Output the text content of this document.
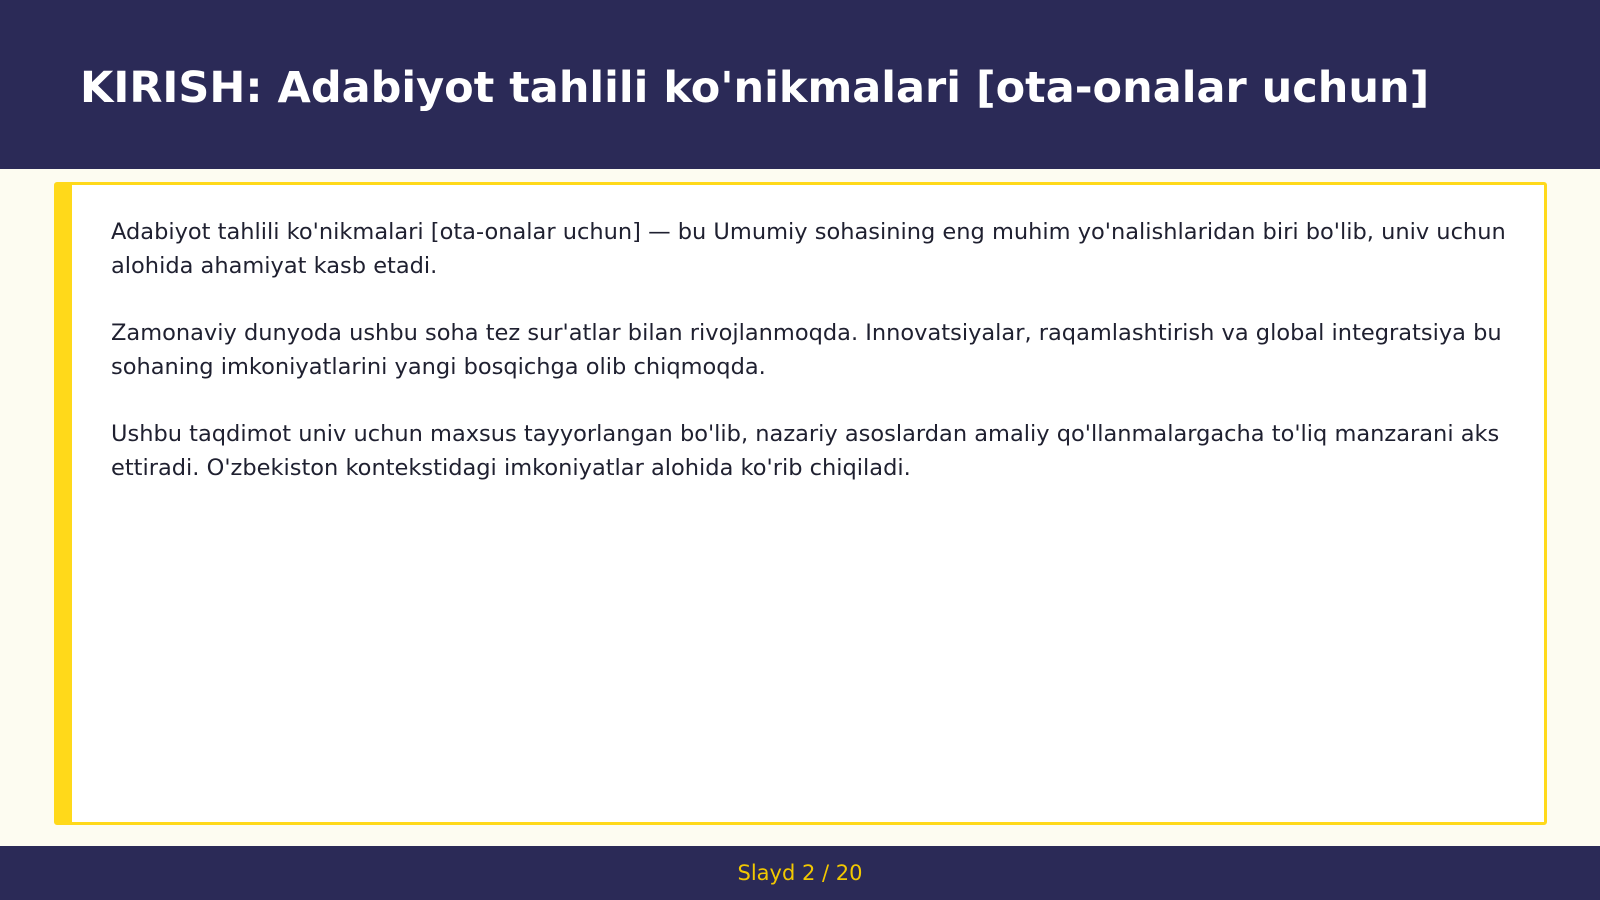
KIRISH: Adabiyot tahlili ko'nikmalari [ota-onalar uchun]

Adabiyot tahlili ko'nikmalari [ota-onalar uchun] — bu Umumiy sohasining eng muhim yo'nalishlaridan biri bo'lib, univ uchun alohida ahamiyat kasb etadi.

Zamonaviy dunyoda ushbu soha tez sur'atlar bilan rivojlanmoqda. Innovatsiyalar, raqamlashtirish va global integratsiya bu sohaning imkoniyatlarini yangi bosqichga olib chiqmoqda.

Ushbu taqdimot univ uchun maxsus tayyorlangan bo'lib, nazariy asoslardan amaliy qo'llanmalargacha to'liq manzarani aks ettiradi. O'zbekiston kontekstidagi imkoniyatlar alohida ko'rib chiqiladi.

Slayd 2 / 20
